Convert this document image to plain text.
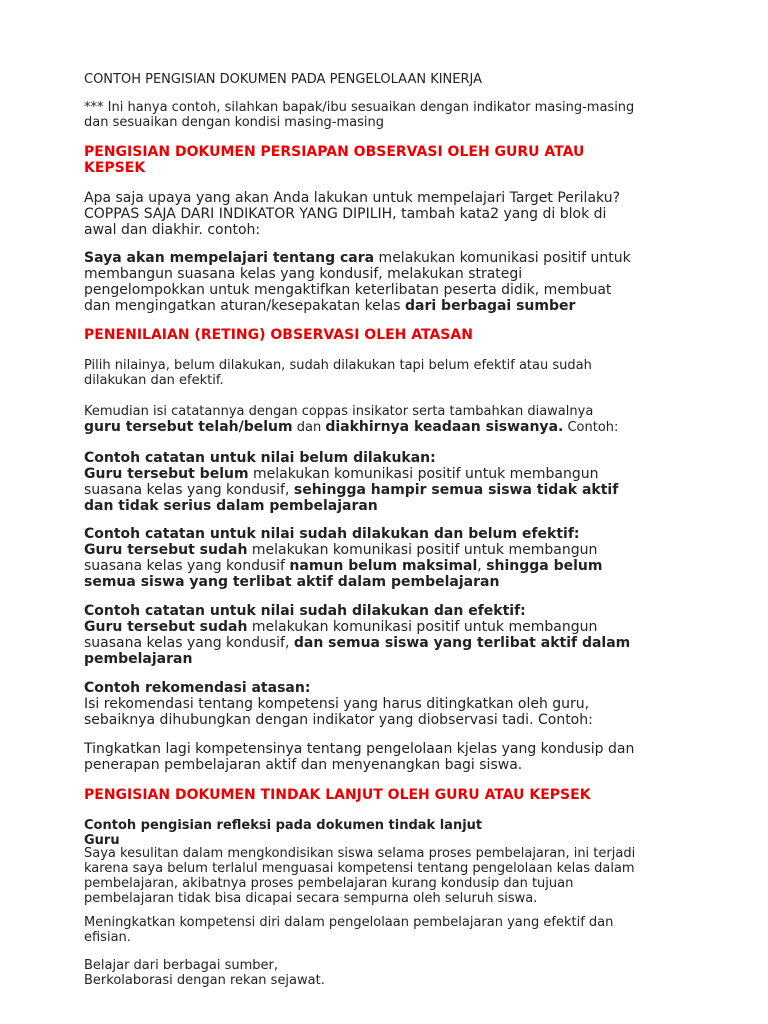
CONTOH PENGISIAN DOKUMEN PADA PENGELOLAAN KINERJA

*** Ini hanya contoh, silahkan bapak/ibu sesuaikan dengan indikator masing-masing
dan sesuaikan dengan kondisi masing-masing

PENGISIAN DOKUMEN PERSIAPAN OBSERVASI OLEH GURU ATAU
KEPSEK

Apa saja upaya yang akan Anda lakukan untuk mempelajari Target Perilaku?
COPPAS SAJA DARI INDIKATOR YANG DIPILIH, tambah kata2 yang di blok di
awal dan diakhir. contoh:

Saya akan mempelajari tentang cara melakukan komunikasi positif untuk
membangun suasana kelas yang kondusif, melakukan strategi
pengelompokkan untuk mengaktifkan keterlibatan peserta didik, membuat
dan mengingatkan aturan/kesepakatan kelas dari berbagai sumber

PENENILAIAN (RETING) OBSERVASI OLEH ATASAN

Pilih nilainya, belum dilakukan, sudah dilakukan tapi belum efektif atau sudah
dilakukan dan efektif.

Kemudian isi catatannya dengan coppas insikator serta tambahkan diawalnya
guru tersebut telah/belum dan diakhirnya keadaan siswanya. Contoh:

Contoh catatan untuk nilai belum dilakukan:
Guru tersebut belum melakukan komunikasi positif untuk membangun
suasana kelas yang kondusif, sehingga hampir semua siswa tidak aktif
dan tidak serius dalam pembelajaran

Contoh catatan untuk nilai sudah dilakukan dan belum efektif:
Guru tersebut sudah melakukan komunikasi positif untuk membangun
suasana kelas yang kondusif namun belum maksimal, shingga belum
semua siswa yang terlibat aktif dalam pembelajaran

Contoh catatan untuk nilai sudah dilakukan dan efektif:
Guru tersebut sudah melakukan komunikasi positif untuk membangun
suasana kelas yang kondusif, dan semua siswa yang terlibat aktif dalam
pembelajaran

Contoh rekomendasi atasan:
Isi rekomendasi tentang kompetensi yang harus ditingkatkan oleh guru,
sebaiknya dihubungkan dengan indikator yang diobservasi tadi. Contoh:

Tingkatkan lagi kompetensinya tentang pengelolaan kjelas yang kondusip dan
penerapan pembelajaran aktif dan menyenangkan bagi siswa.

PENGISIAN DOKUMEN TINDAK LANJUT OLEH GURU ATAU KEPSEK

Contoh pengisian refleksi pada dokumen tindak lanjut
Guru

Saya kesulitan dalam mengkondisikan siswa selama proses pembelajaran, ini terjadi
karena saya belum terlalul menguasai kompetensi tentang pengelolaan kelas dalam
pembelajaran, akibatnya proses pembelajaran kurang kondusip dan tujuan
pembelajaran tidak bisa dicapai secara sempurna oleh seluruh siswa.

Meningkatkan kompetensi diri dalam pengelolaan pembelajaran yang efektif dan
efisian.

Belajar dari berbagai sumber,
Berkolaborasi dengan rekan sejawat.
